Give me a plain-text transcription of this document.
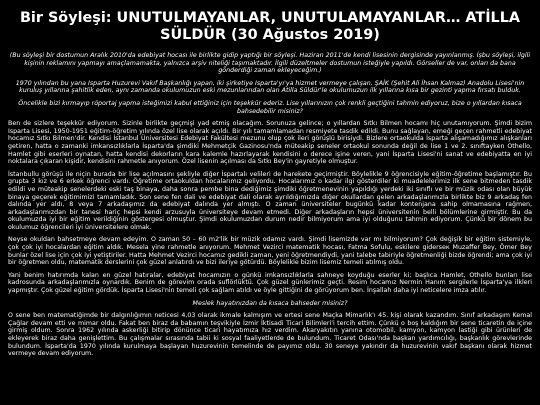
Bir Söyleşi: UNUTULMAYANLAR, UNUTULAMAYANLAR… ATİLLA SÜLDÜR (30 Ağustos 2019)

(Bu söyleşi bir dostumun Aralık 2010'da edebiyat hocası ile birlikte gidip yaptığı bir söyleşi. Haziran 2011'de kendi lisesinin dergisinde yayınlanmış. İşbu söyleşi, ilgili kişinin reklamını yapmayı amaçlamamakta, yalnızca arşiv niteliği taşımaktadır. İlgili düzeltmeler dostumun isteğiyle yapıldı. Görseller de var, onları da bana gönderdiği zaman ekleyeceğim.)

1970 yılından bu yana Isparta Huzurevi Vakıf Başkanlığı yapan, iki şirketiye Isparta'yı'ya hizmet vermeye çalışan, ŞAİK (Şehit Ali İhsan Kalmaz) Anadolu Lisesi'nin kuruluş yıllarına şahitlik eden, aynı zamanda okulumuzun eski mezunlarından olan Atilla Süldür'le okulumuzun ilk yıllarına kısa bir gezinti yapma fırsatı bulduk.

Öncelikle bizi kırmayıp röportaj yapma isteğimizi kabul ettiğiniz için teşekkür ederiz. Lise yıllarınızın çok renkli geçtiğini tahmin ediyoruz, bize o yıllardan kısaca bahsedebilir misiniz?

Ben de sizlere teşekkür ediyorum. Sizinle birlikte geçmişi yad etmiş olacağım. Sorunuza gelince; o yıllardan Sıtkı Bilmen hocamı hiç unutamıyorum. Şimdi bizim Isparta Lisesi, 1950-1951 eğitim-öğretim yılında özel lise olarak açıldı. Bir yılı tamamlamadan resmiyete tasdik edildi. Bunu sağlayan, emeği geçen rahmetli edebiyat hocamız Sıtkı Bilmen'dir. Kendisi İstanbul Üniversitesi Edebiyat Fakültesi mezunu olup çok ileri görüşlü birisiydi. Bizlere ortaokulda İsparta alışamadığımız alışkanları getiren, hatta o zamanki imkansızlıklarla İsparta'da şimdiki Mehmetçik Gazinosu'nda müteakip seneler ortaokul sonunda değil de lise 1 ve 2. sınıftayken Othello, Hamlet gibi eserleri oynatan, hatta kendisi dekorların kara kalemle hazırlayarak kendisini o derece işine veren, yani İsparta Lisesi'ni sanat ve edebiyatta en iyi noktalara çıkaran kişidir, kendisini rahmetle anıyorum. Özel lisenin açılması da Sıtkı Bey'in gayretiyle olmuştur.

İstanbullu görüşü ile niçin burada bir lise açılmasını şekliyle diğer İspartalı velileri de harekete geçirmiştir. Böylelikle 9 öğrencisiyle eğitim-öğretime başlamıştır. Bu grupta 3 kız ve 6 erkek öğrenci vardı. Öğretime ortaokuldan hocalarımız geliyordu. Hocalarımız o kadar ilgi gösterdiler ki muadelelerimiz ilk sene bitmeden tasdik edildi ve müteakip senelerdeki eski taş binaya, daha sonra pembe bina dediğimiz şimdiki öğretmenevinin yapıldığı yerdeki iki sınıflı ve bir müzik odası olan büyük binaya geçerek eğitimimizi tamamladık. Son sene fen dali ve edebiyat dali olarak ayrıldığımızda diğer okullardan gelen arkadaşlarımızla birlikte biz 9 arkadaş fen dalında yer aldı, 8 veya 7 arkadaşımız da edebiyat dalında yer almıştı. O zaman üniversiteler bugünkü kadar kontenjana sahip olmamasına rağmen, arkadaşlarımızdan bir tanesi hariç hepsi kendi arzusuyla üniversiteye devam etmedi. Diğer arkadaşların hepsi üniversitenin belli bölümlerine girmiştir. Bu da okulumuzda iyi bir eğitim verildiğinin göstergesi olmuştur. Şimdi okulumuzdan durum nedir bilmiyorum ama iyi olduğunu tahmin ediyorum. Çünkü bir dönem bu okulumuz öğrencileri iyi üniversitelere olmak.

Neyse okuldan bahsetmeye devam edeyim. O zaman 50 – 60 m2'lik bir müzik odamız vardı. Şimdi lisemizde var mı bilmiyorum? Çok değişik bir eğitim sistemiyle, çok çok iyi hocalardan eğitim aldık. Mesela yine rahmetle anıyorum. Mehmet Vezirci matematik hocası, Fatma Sofulu, eskilere giderseк Muzaffer Bey, Ömer Bey bunlar özel lise için çok iyi yetiştiriler. Hatta Mehmet Vezirci hocamız gedikli zaman, yeni öğretmendiydi, yani talebe tabiriyle öğretmenliği bizde öğrendi; ama çok iyi bir öğretmen oldu, matematik derslerini çok güzel anlatırdı ve bizi ileriye götürdü. Böylelikle bizim lisemiz temeli atılmış oldu.

Yani benim hatırımda kalan en güzel hatıralar, edebiyat hocamızın o günkü imkansızlıklarla sahneye koyduğu eserler ki; başlıca Hamlet, Othello bunları lise kadrosunda arkadaşlarımızla oynardık. Benim de görevim orada suflörlüktü. Çok güzel günlerimiz geçti. Resim hocamız Nermin Hanım sergilerle İsparta'ya ilkleri yapmıştır. Çok güzel eğitim gördük. İsparta Lisesi'nin temeli çok sağlam atıldı ve öyle gittiğini de görüyorum ben. İnşallah daha iyi neticelere imza atılır.

Meslek hayatınızdan da kısaca bahseder misiniz?

O sene ben matematiğimde bir dalgınlığımın neticesi 4,03 olarak ikmale kalmışım ve ertesi sene Maçka Mimarlık'ı 45. kişi olarak kazandım. Sınıf arkadaşım Kemal Çağlar devam etti ve mimar oldu. Fakat ben biraz da babamın teşvikiyle İzmir İktisadi Ticari Bilimleri'i tercih ettim. Çünkü o boş kaldığım bir sene ticaretin de içine girmiş oldum. Sonra 1962 yılında askerliği bitirip dönünce ticari hayatımıza hız verdim. Akaryakıtın yanına otomobil, kamyon, kamyon lastiği gibi ürünleri de ekleyerek biraz daha genişlettim. Bu çalışmalar sırasında tabii ki sosyal faaliyetlerde de bulundum. Ticaret Odası'nda başkan yardımcılığı, başkanlık görevlerinde bulundum. İsparta'da 1970 yılında kurulmaya başlayan huzurevinin temelinde de payımız oldu. 30 seneye yakındır da huzurevinin vakıf başkanı olarak hizmet vermeye devam ediyorum.
